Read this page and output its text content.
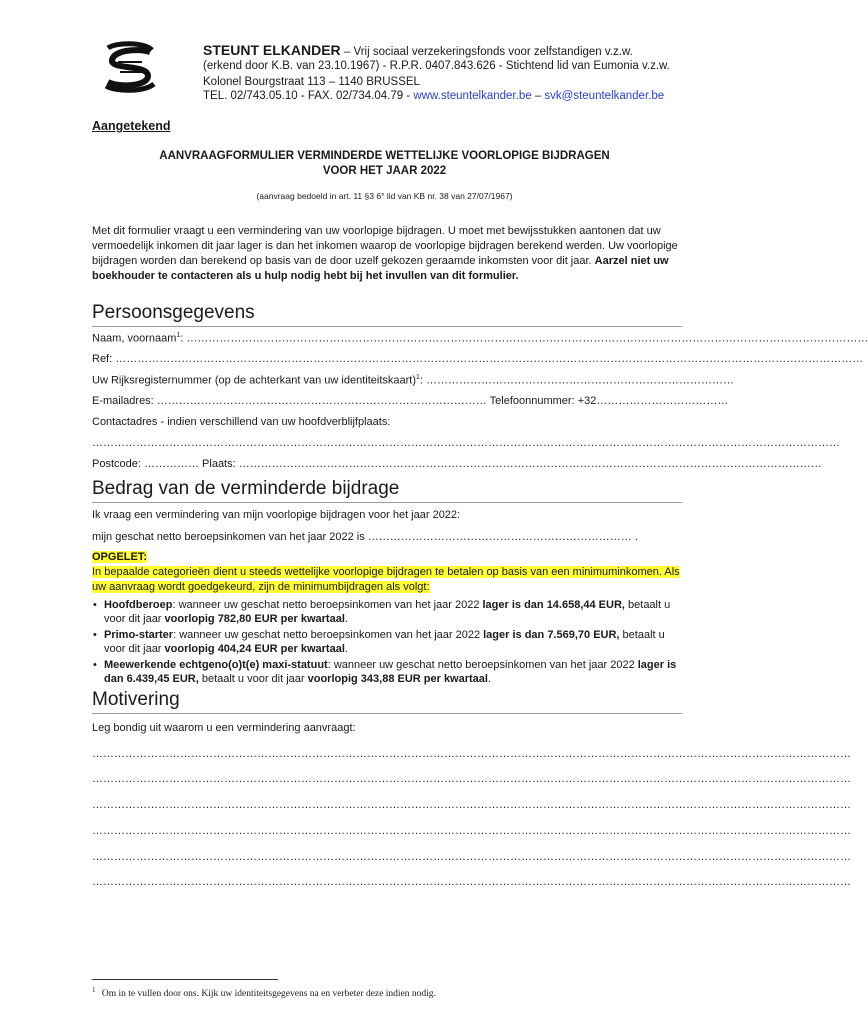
STEUNT ELKANDER – Vrij sociaal verzekeringsfonds voor zelfstandigen v.z.w.
(erkend door K.B. van 23.10.1967) - R.P.R. 0407.843.626 - Stichtend lid van Eumonia v.z.w.
Kolonel Bourgstraat 113 – 1140 BRUSSEL
TEL. 02/743.05.10 - FAX. 02/734.04.79 - www.steuntelkander.be – svk@steuntelkander.be
Aangetekend
AANVRAAGFORMULIER VERMINDERDE WETTELIJKE VOORLOPIGE BIJDRAGEN
VOOR HET JAAR 2022
(aanvraag bedoeld in art. 11 §3 6° lid van KB nr. 38 van 27/07/1967)
Met dit formulier vraagt u een vermindering van uw voorlopige bijdragen. U moet met bewijsstukken aantonen dat uw vermoedelijk inkomen dit jaar lager is dan het inkomen waarop de voorlopige bijdragen berekend werden. Uw voorlopige bijdragen worden dan berekend op basis van de door uzelf gekozen geraamde inkomsten voor dit jaar. Aarzel niet uw boekhouder te contacteren als u hulp nodig hebt bij het invullen van dit formulier.
Persoonsgegevens
Naam, voornaam$^1$: ……………………………………………………………………………………………………………………………………………………………………
Ref: ……………………………………………………………………………………………………………………………………………………………………………………
Uw Rijksregisternummer (op de achterkant van uw identiteitskaart)$^1$: …………………………………………………………………………
E-mailadres: ……………………………………………………………………………… Telefoonnummer: +32………………………………
Contactadres - indien verschillend van uw hoofdverblijfplaats:
……………………………………………………………………………………………………………………………………………………………………………………
Postcode: …………… Plaats: ……………………………………………………………………………………………………………………………………………
Bedrag van de verminderde bijdrage
Ik vraag een vermindering van mijn voorlopige bijdragen voor het jaar 2022:
mijn geschat netto beroepsinkomen van het jaar 2022 is ……………………………………………………………… .
OPGELET:
In bepaalde categorieën dient u steeds wettelijke voorlopige bijdragen te betalen op basis van een minimuminkomen. Als uw aanvraag wordt goedgekeurd, zijn de minimumbijdragen als volgt:
• Hoofdberoep: wanneer uw geschat netto beroepsinkomen van het jaar 2022 lager is dan 14.658,44 EUR, betaalt u voor dit jaar voorlopig 782,80 EUR per kwartaal.
• Primo-starter: wanneer uw geschat netto beroepsinkomen van het jaar 2022 lager is dan 7.569,70 EUR, betaalt u voor dit jaar voorlopig 404,24 EUR per kwartaal.
• Meewerkende echtgeno(o)t(e) maxi-statuut: wanneer uw geschat netto beroepsinkomen van het jaar 2022 lager is dan 6.439,45 EUR, betaalt u voor dit jaar voorlopig 343,88 EUR per kwartaal.
Motivering
Leg bondig uit waarom u een vermindering aanvraagt:
………………………………………………………………………………………………………………………………………………………………………………………
………………………………………………………………………………………………………………………………………………………………………………………
………………………………………………………………………………………………………………………………………………………………………………………
………………………………………………………………………………………………………………………………………………………………………………………
………………………………………………………………………………………………………………………………………………………………………………………
………………………………………………………………………………………………………………………………………………………………………………………
$^1$ Om in te vullen door ons. Kijk uw identiteitsgegevens na en verbeter deze indien nodig.
